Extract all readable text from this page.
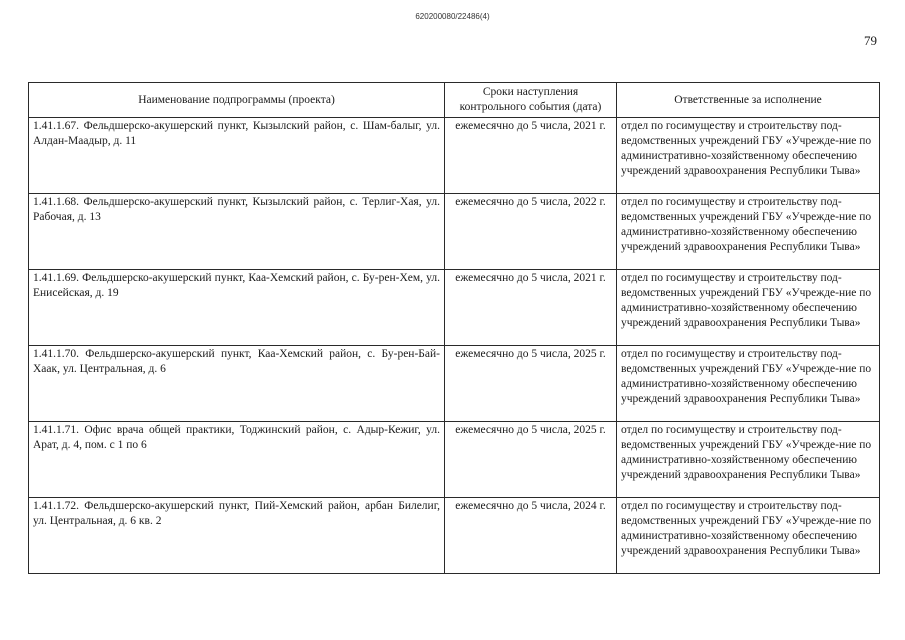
620200080/22486(4)
79
Наименование подпрограммы (проекта)	Сроки наступления контрольного события (дата)	Ответственные за исполнение
1.41.1.67. Фельдшерско-акушерский пункт, Кызылский район, с. Шам-балыг, ул. Алдан-Маадыр, д. 11	ежемесячно до 5 числа, 2021 г.	отдел по госимуществу и строительству под-ведомственных учреждений ГБУ «Учрежде-ние по административно-хозяйственному обеспечению учреждений здравоохранения Республики Тыва»
1.41.1.68. Фельдшерско-акушерский пункт, Кызылский район, с. Терлиг-Хая, ул. Рабочая, д. 13	ежемесячно до 5 числа, 2022 г.	отдел по госимуществу и строительству под-ведомственных учреждений ГБУ «Учрежде-ние по административно-хозяйственному обеспечению учреждений здравоохранения Республики Тыва»
1.41.1.69. Фельдшерско-акушерский пункт, Каа-Хемский район, с. Бу-рен-Хем, ул. Енисейская, д. 19	ежемесячно до 5 числа, 2021 г.	отдел по госимуществу и строительству под-ведомственных учреждений ГБУ «Учрежде-ние по административно-хозяйственному обеспечению учреждений здравоохранения Республики Тыва»
1.41.1.70. Фельдшерско-акушерский пункт, Каа-Хемский район, с. Бу-рен-Бай-Хаак, ул. Центральная, д. 6	ежемесячно до 5 числа, 2025 г.	отдел по госимуществу и строительству под-ведомственных учреждений ГБУ «Учрежде-ние по административно-хозяйственному обеспечению учреждений здравоохранения Республики Тыва»
1.41.1.71. Офис врача общей практики, Тоджинский район, с. Адыр-Кежиг, ул. Арат, д. 4, пом. с 1 по 6	ежемесячно до 5 числа, 2025 г.	отдел по госимуществу и строительству под-ведомственных учреждений ГБУ «Учрежде-ние по административно-хозяйственному обеспечению учреждений здравоохранения Республики Тыва»
1.41.1.72. Фельдшерско-акушерский пункт, Пий-Хемский район, арбан Билелиг, ул. Центральная, д. 6 кв. 2	ежемесячно до 5 числа, 2024 г.	отдел по госимуществу и строительству под-ведомственных учреждений ГБУ «Учрежде-ние по административно-хозяйственному обеспечению учреждений здравоохранения Республики Тыва»
